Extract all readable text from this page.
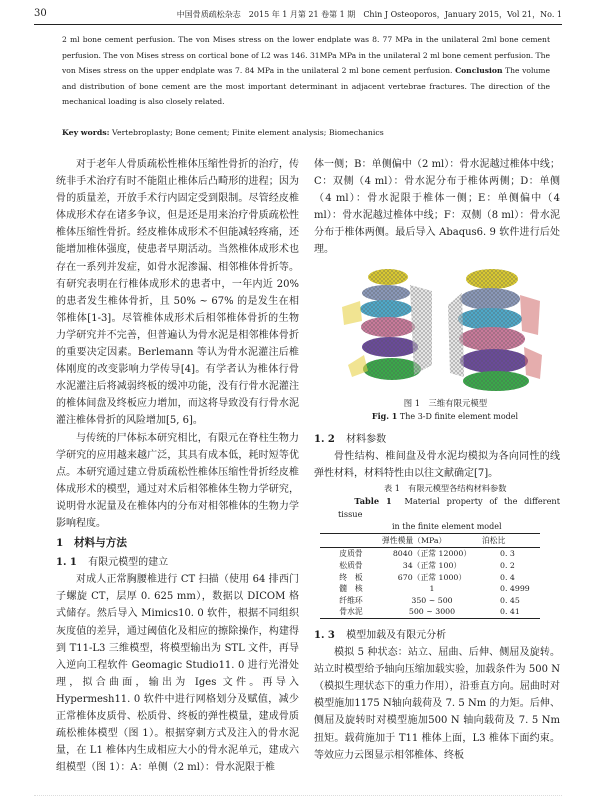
30	中国骨质疏松杂志　2015 年 1 月第 21 卷第 1 期　Chin J Osteoporos，January 2015，Vol 21，No. 1
2 ml bone cement perfusion. The von Mises stress on the lower endplate was 8. 77 MPa in the unilateral 2ml bone cement perfusion. The von Mises stress on cortical bone of L2 was 146. 31MPa MPa in the unilateral 2 ml bone cement perfusion. The von Mises stress on the upper endplate was 7. 84 MPa in the unilateral 2 ml bone cement perfusion. Conclusion The volume and distribution of bone cement are the most important determinant in adjacent vertebrae fractures. The direction of the mechanical loading is also closely related.
Key words: Vertebroplasty; Bone cement; Finite element analysis; Biomechanics

对于老年人骨质疏松性椎体压缩性骨折的治疗，传统非手术治疗有时不能阻止椎体后凸畸形的进程；因为骨的质量差，开放手术行内固定受到限制。尽管经皮椎体成形术存在诸多争议，但是还是用来治疗骨质疏松性椎体压缩性骨折。经皮椎体成形术不但能减轻疼痛，还能增加椎体强度，使患者早期活动。当然椎体成形术也存在一系列并发症，如骨水泥渗漏、相邻椎体骨折等。有研究表明在行椎体成形术的患者中，一年内近 20% 的患者发生椎体骨折，且 50% ~ 67% 的是发生在相邻椎体[1-3]。尽管椎体成形术后相邻椎体骨折的生物力学研究并不完善，但普遍认为骨水泥是相邻椎体骨折的重要决定因素。Berlemann 等认为骨水泥灌注后椎体刚度的改变影响力学传导[4]。有学者认为椎体行骨水泥灌注后将减弱终板的缓冲功能，没有行骨水泥灌注的椎体间盘及终板应力增加，而这将导致没有行骨水泥灌注椎体骨折的风险增加[5, 6]。

与传统的尸体标本研究相比，有限元在脊柱生物力学研究的应用越来越广泛，其具有成本低，耗时短等优点。本研究通过建立骨质疏松性椎体压缩性骨折经皮椎体成形术的模型，通过对术后相邻椎体生物力学研究，说明骨水泥量及在椎体内的分布对相邻椎体的生物力学影响程度。

1　材料与方法

1. 1 有限元模型的建立

对成人正常胸腰椎进行 CT 扫描（使用 64 排西门子螺旋 CT，层厚 0. 625 mm），数据以 DICOM 格式储存。然后导入 Mimics10. 0 软件，根据不同组织灰度值的差异，通过阈值化及相应的擦除操作，构建得到 T11-L3 三维模型，将模型输出为 STL 文件，再导入逆向工程软件 Geomagic Studio11. 0 进行光滑处理，拟合曲面，输出为 Iges 文件。再导入 Hypermesh11. 0 软件中进行网格划分及赋值，减少正常椎体皮质骨、松质骨、终板的弹性模量，建成骨质疏松椎体模型（图 1）。根据穿刺方式及注入的骨水泥量，在 L1 椎体内生成相应大小的骨水泥单元，建成六组模型（图 1）：A：单侧（2 ml）：骨水泥限于椎

体一侧；B：单侧偏中（2 ml）：骨水泥越过椎体中线；C：双侧（4 ml）：骨水泥分布于椎体两侧；D：单侧（4 ml）：骨水泥限于椎体一侧；E：单侧偏中（4 ml）：骨水泥越过椎体中线；F：双侧（8 ml）：骨水泥分布于椎体两侧。最后导入 Abaqus6. 9 软件进行后处理。

图 1　三维有限元模型

Fig. 1 The 3-D finite element model

1. 2 材料参数

骨性结构、椎间盘及骨水泥均模拟为各向同性的线弹性材料，材料特性由以往文献确定[7]。

表 1　有限元模型各结构材料参数

Table 1 Material property of the different tissue

in the finite element model

	弹性模量（MPa）	泊松比
皮质骨	8040（正常 12000）	0. 3
松质骨	34（正常 100）	0. 2
终　板	670（正常 1000）	0. 4
髓　核	1	0. 4999
纤维环	350 ~ 500	0. 45
骨水泥	500 ~ 3000	0. 41

1. 3 模型加载及有限元分析

模拟 5 种状态：站立、屈曲、后伸、侧屈及旋转。站立时模型给予轴向压缩加载实验，加载条件为 500 N（模拟生理状态下的重力作用），沿垂直方向。屈曲时对模型施加1175 N轴向载荷及 7. 5 Nm 的力矩。后伸、侧屈及旋转时对模型施加500 N 轴向载荷及 7. 5 Nm 扭矩。载荷施加于 T11 椎体上面，L3 椎体下面约束。等效应力云图显示相邻椎体、终板
